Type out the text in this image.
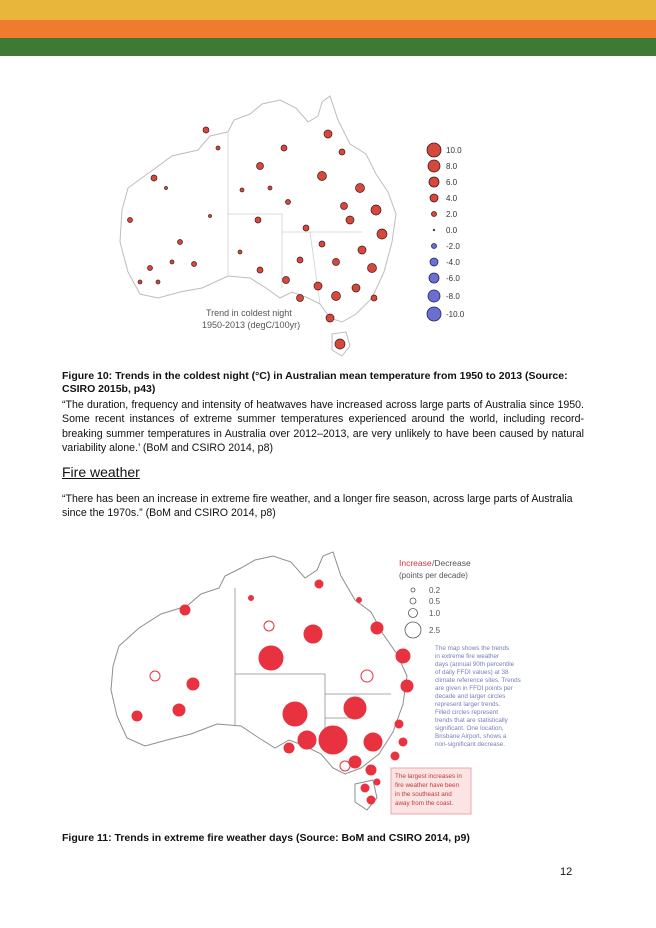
Trend in coldest night
1950-2013 (degC/100yr)
10.0
8.0
6.0
4.0
2.0
0.0
-2.0
-4.0
-6.0
-8.0
-10.0
Figure 10: Trends in the coldest night (°C) in Australian mean temperature from 1950 to 2013 (Source: CSIRO 2015b, p43)
“The duration, frequency and intensity of heatwaves have increased across large parts of Australia since 1950. Some recent instances of extreme summer temperatures experienced around the world, including record-breaking summer temperatures in Australia over 2012–2013, are very unlikely to have been caused by natural variability alone.’ (BoM and CSIRO 2014, p8)
Fire weather
“There has been an increase in extreme fire weather, and a longer fire season, across large parts of Australia since the 1970s.” (BoM and CSIRO 2014, p8)
Increase /Decrease
(points per decade)
0.2
0.5
1.0
2.5
The map shows the trends
in extreme fire weather
days (annual 90th percentile
of daily FFDI values) at 38
climate reference sites. Trends
are given in FFDI points per
decade and larger circles
represent larger trends.
Filled circles represent
trends that are statistically
significant. One location,
Brisbane Airport, shows a
non-significant decrease.
The largest increases in
fire weather have been
in the southeast and
away from the coast.
Figure 11: Trends in extreme fire weather days (Source: BoM and CSIRO 2014, p9)
12
